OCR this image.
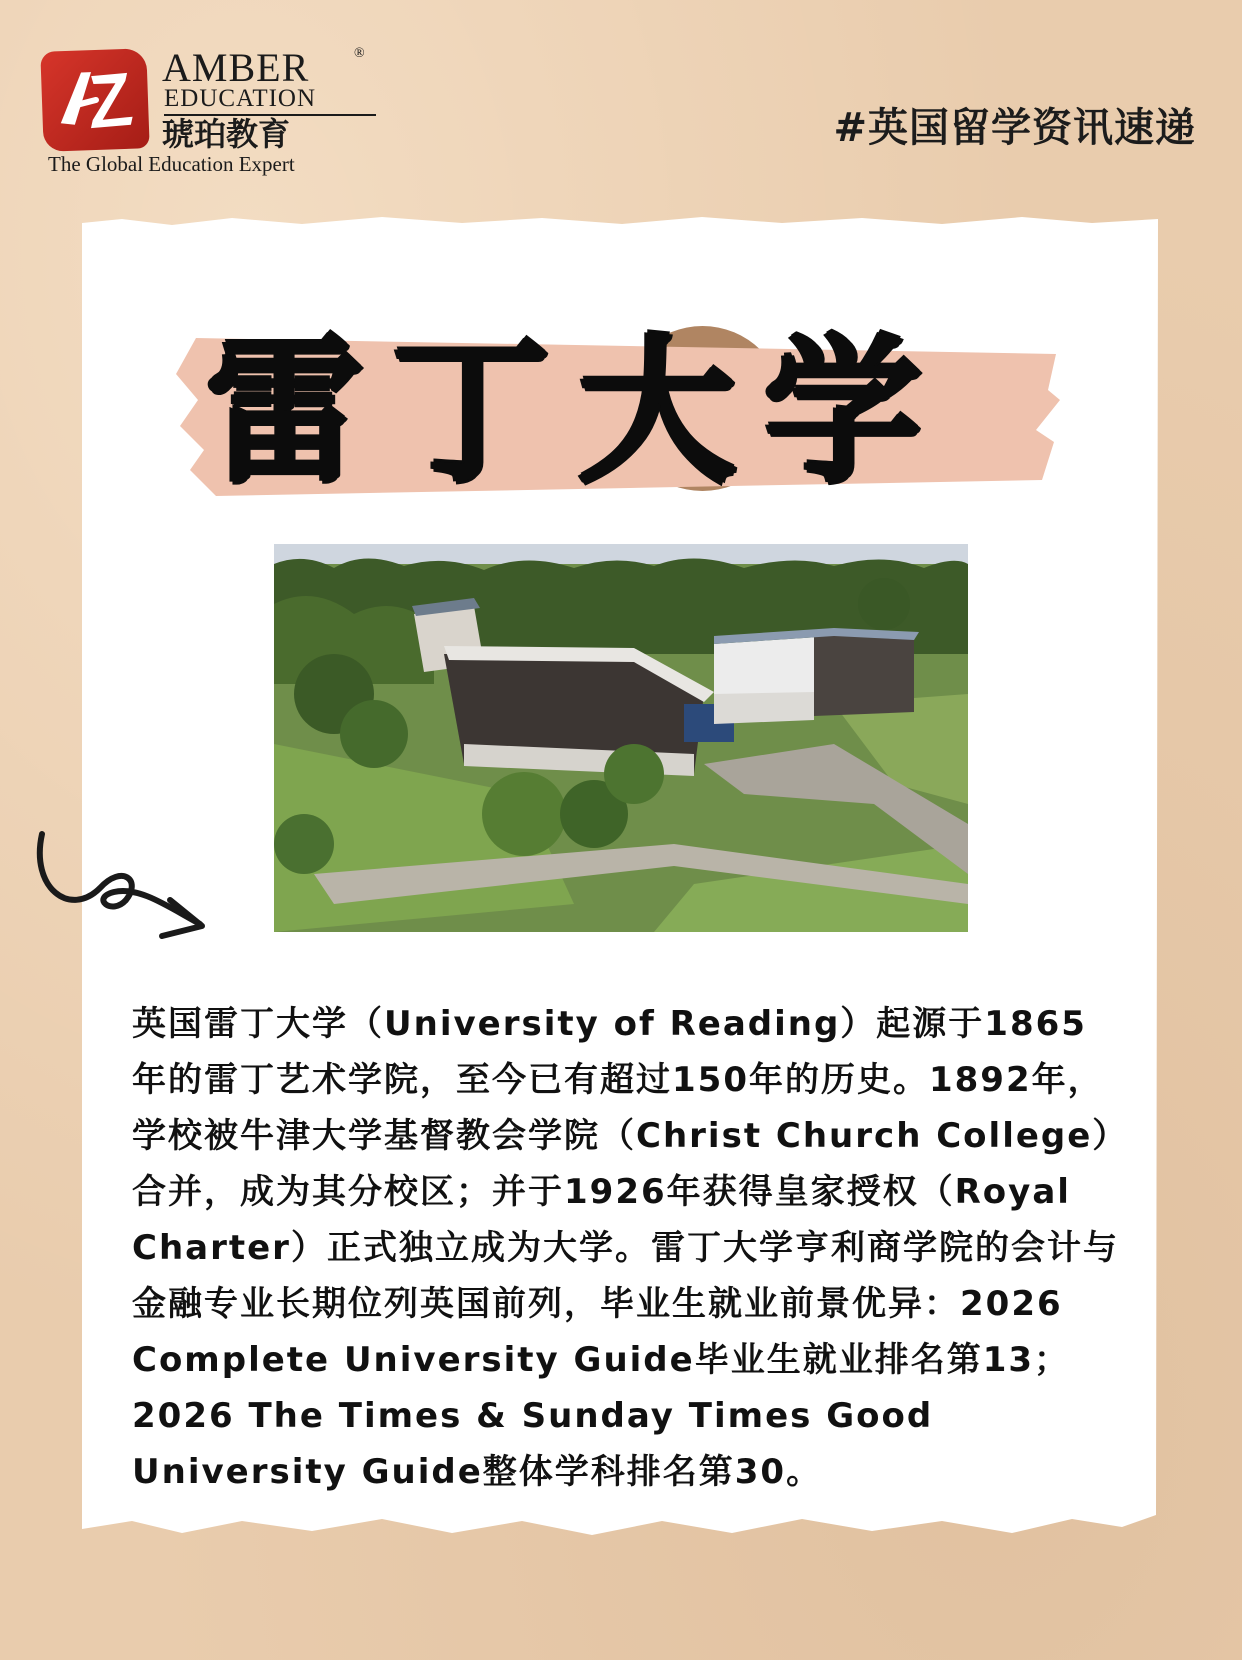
AMBER	®
EDUCATION
琥珀教育
The Global Education Expert
#英国留学资讯速递
雷丁大学
英国雷丁大学（University of Reading）起源于1865年的雷丁艺术学院，至今已有超过150年的历史。1892年，学校被牛津大学基督教会学院（Christ Church College）合并，成为其分校区；并于1926年获得皇家授权（Royal Charter）正式独立成为大学。雷丁大学亨利商学院的会计与金融专业长期位列英国前列，毕业生就业前景优异：2026 Complete University Guide毕业生就业排名第13；2026 The Times & Sunday Times Good University Guide整体学科排名第30。
